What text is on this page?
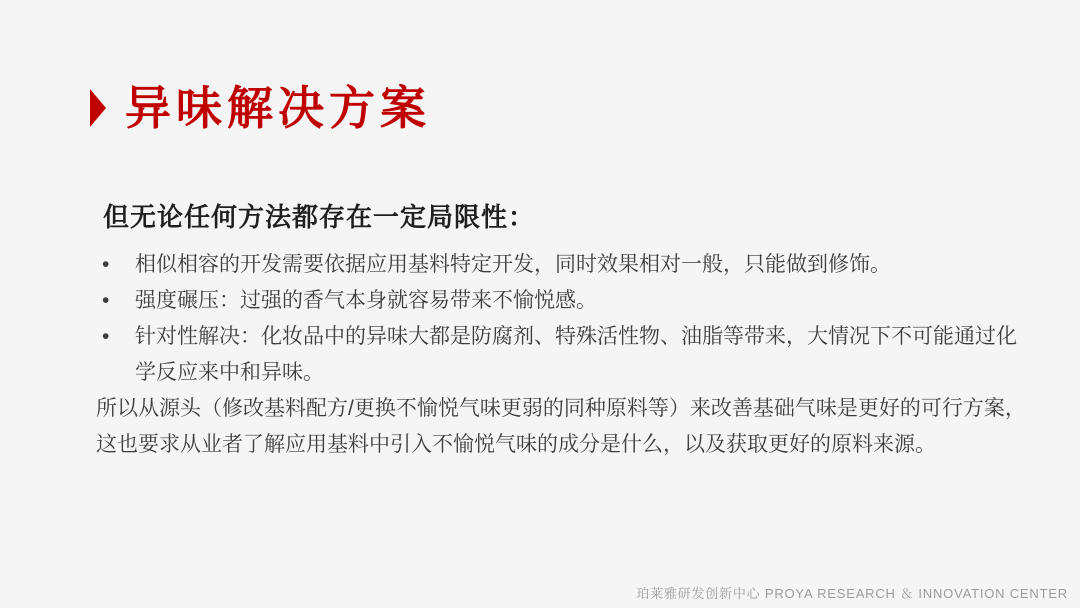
异味解决方案
但无论任何方法都存在一定局限性：
• 相似相容的开发需要依据应用基料特定开发，同时效果相对一般，只能做到修饰。
• 强度碾压：过强的香气本身就容易带来不愉悦感。
• 针对性解决：化妆品中的异味大都是防腐剂、特殊活性物、油脂等带来，大情况下不可能通过化学反应来中和异味。

所以从源头（修改基料配方/更换不愉悦气味更弱的同种原料等）来改善基础气味是更好的可行方案，
这也要求从业者了解应用基料中引入不愉悦气味的成分是什么，以及获取更好的原料来源。

珀莱雅研发创新中心 PROYA RESEARCH ＆ INNOVATION CENTER
